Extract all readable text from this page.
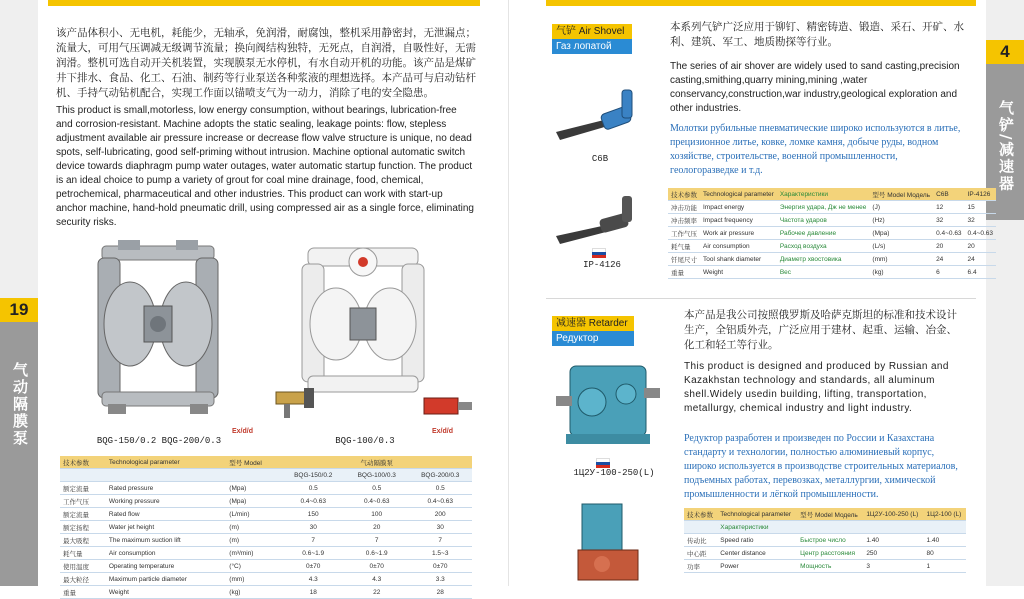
19
气动隔膜泵

该产品体积小、无电机，耗能少，无轴承，免润滑，耐腐蚀，整机采用静密封，无泄漏点；流量大，可用气压调减无级调节流量；换向阀结构独特，无死点，自润滑，自吸性好，无需润滑。整机可选自动开关机装置，实现膜泵无水停机，有水自动开机的功能。该产品是煤矿井下排水、食品、化工、石油、制药等行业泵送各种浆液的理想选择。本产品可与启动钻杆机、手持气动钻机配合，实现工作面以锚喷支气为一动力，消除了电的安全隐患。

This product is small,motorless, low energy consumption, without bearings, lubrication-free and corrosion-resistant. Machine adopts the static sealing, leakage points: flow, stepless adjustment available air pressure increase or decrease flow valve structure is unique, no dead spots, self-lubricating, good self-priming without intrusion. Machine optional automatic switch device towards diaphragm pump water outages, water automatic startup function. The product is an ideal choice to pump a variety of grout for coal mine drainage, food, chemical, petrochemical, pharmaceutical and other industries. This product can work with start-up anchor machine, hand-hold pneumatic drill, using compressed air as a single force, eliminating security risks.

BQG-150/0.2 BQG-200/0.3
Ex/d/d
BQG-100/0.3
Ex/d/d
技术参数	Technological parameter	型号 Model	气动隔膜泵		
			BQG-150/0.2	BQG-100/0.3	BQG-200/0.3
额定流量	Rated pressure	(Mpa)	0.5	0.5	0.5
工作气压	Working pressure	(Mpa)	0.4~0.63	0.4~0.63	0.4~0.63
额定流量	Rated flow	(L/min)	150	100	200
额定扬程	Water jet height	(m)	30	20	30
最大吸程	The maximum suction lift	(m)	7	7	7
耗气量	Air consumption	(m³/min)	0.6~1.9	0.6~1.9	1.5~3
使用温度	Operating temperature	(°C)	0±70	0±70	0±70
最大粒径	Maximum particle diameter	(mm)	4.3	4.3	3.3
重量	Weight	(kg)	18	22	28
4
气铲/减速器
气铲 Air Shovel
Газ лопатой
C6B
IP-4126

本系列气铲广泛应用于铆钉、精密铸造、锻造、采石、开矿、水利、建筑、军工、地质勘探等行业。

The series of air shover are widely used to sand casting,precision casting,smithing,quarry mining,mining ,water conservancy,construction,war industry,geological exploration and other industries.

Молотки рубильные пневматические широко используются в литье, прецизионное литье, ковке, ломке камня, добыче руды, водном хозяйстве, строительстве, военной промышленности, геологоразведке и т.д.

技术参数	Technological parameter	Характеристики	型号 Model Модель	C6B	IP-4126
冲击功能	Impact energy	Энергия удара, Дж не менее	(J)	12	15
冲击频率	Impact frequency	Частота ударов	(Hz)	32	32
工作气压	Work air pressure	Рабочее давление	(Mpa)	0.4~0.63	0.4~0.63
耗气量	Air consumption	Расход воздуха	(L/s)	20	20
钎尾尺寸	Tool shank diameter	Диаметр хвостовика	(mm)	24	24
重量	Weight	Вес	(kg)	6	6.4
减速器 Retarder
Редуктор
1Ц2У-100-250(L)

本产品是我公司按照俄罗斯及哈萨克斯坦的标准和技术设计生产，全铝质外壳，广泛应用于建材、起重、运输、冶金、化工和轻工等行业。

This product is designed and produced by Russian and Kazakhstan technology and standards, all aluminum shell.Widely usedin building, lifting, transportation, metallurgy, chemical industry and light industry.

Редуктор разработен и произведен по России и Казахстана стандарту и технологии, полностью алюминиевый корпус, широко используется в производстве строительных материалов, подъемных работах, перевозках, металлургии, химической промышленности и лёгкой промышленности.

技术参数	Technological parameter	型号 Model Модель	1Ц2У-100-250 (L)	1Ц2-100 (L)
	Характеристики			
传动比	Speed ratio	Быстрое число	1.40	1.40
中心距	Center distance	Центр расстояния	250	80
功率	Power	Мощность	3	1
